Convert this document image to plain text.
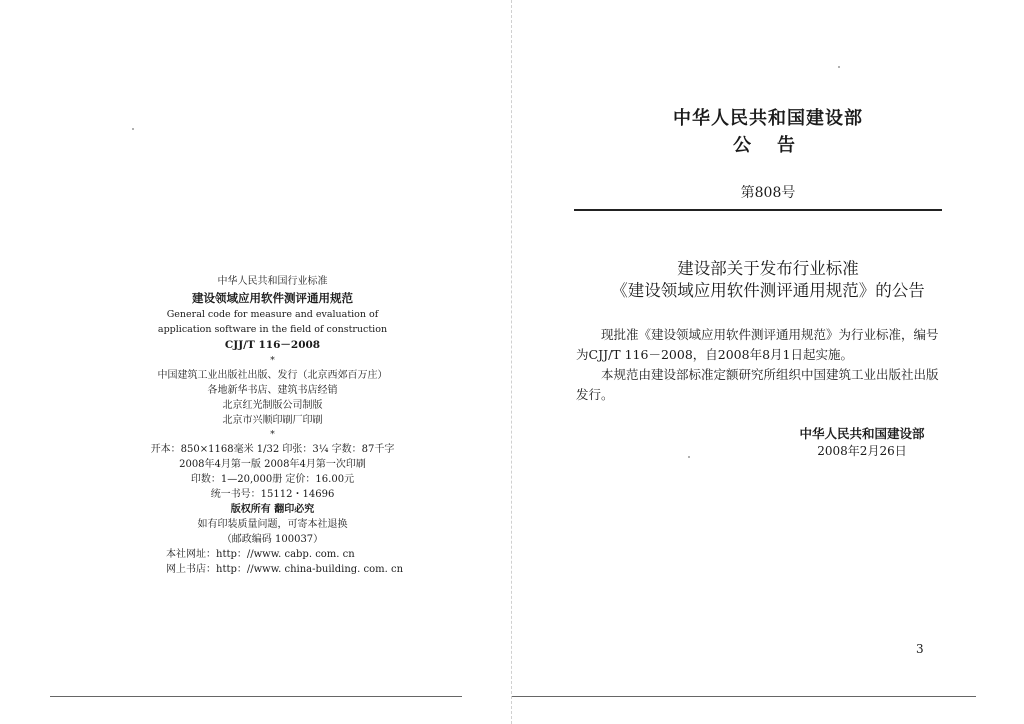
中华人民共和国行业标准
建设领域应用软件测评通用规范
General code for measure and evaluation of
application software in the field of construction
CJJ/T 116－2008
*
中国建筑工业出版社出版、发行（北京西郊百万庄）
各地新华书店、建筑书店经销
北京红光制版公司制版
北京市兴顺印刷厂印刷
*
开本：850×1168毫米 1/32 印张：3¼ 字数：87千字
2008年4月第一版 2008年4月第一次印刷
印数：1—20,000册 定价：16.00元
统一书号：15112・14696
版权所有 翻印必究
如有印装质量问题，可寄本社退换
（邮政编码 100037）
本社网址：http：//www. cabp. com. cn
网上书店：http：//www. china-building. com. cn
中华人民共和国建设部
公告
第808号
建设部关于发布行业标准
《建设领域应用软件测评通用规范》的公告

现批准《建设领域应用软件测评通用规范》为行业标准，编号为CJJ/T 116－2008，自2008年8月1日起实施。

本规范由建设部标准定额研究所组织中国建筑工业出版社出版发行。

中华人民共和国建设部
2008年2月26日
3
